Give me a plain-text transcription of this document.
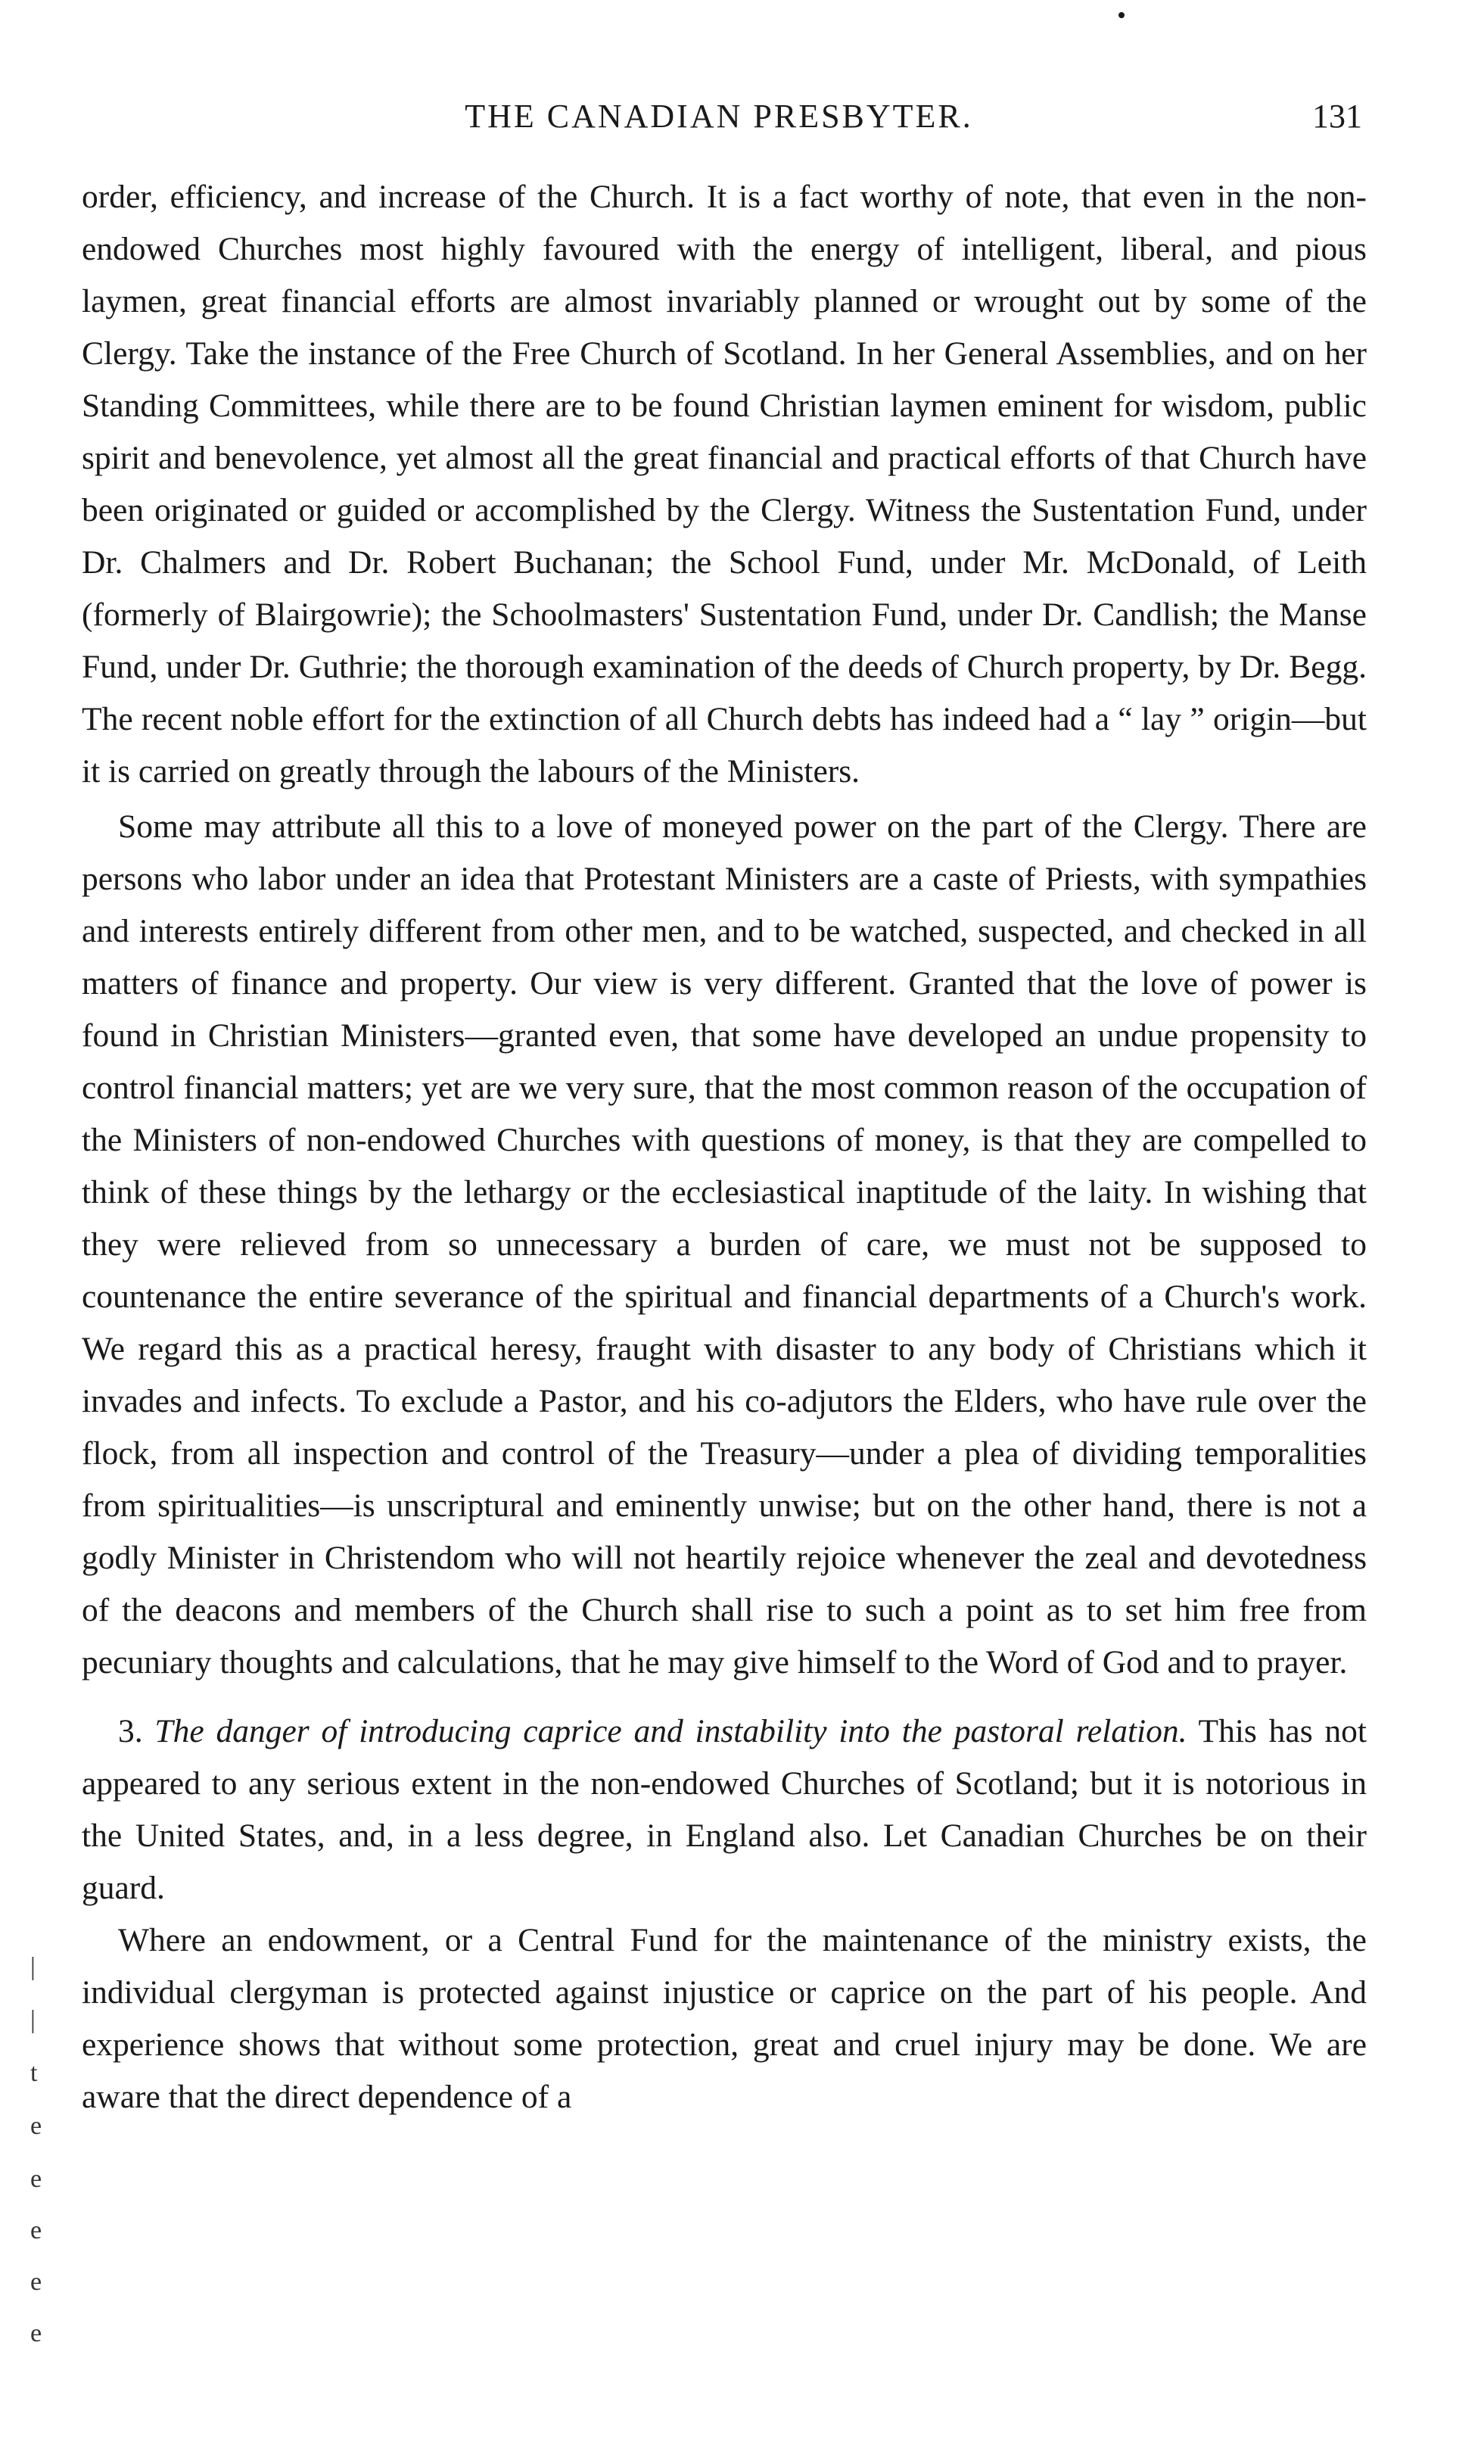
THE CANADIAN PRESBYTER.	131

order, efficiency, and increase of the Church. It is a fact worthy of note, that even in the non-endowed Churches most highly favoured with the energy of intelligent, liberal, and pious laymen, great financial efforts are almost invariably planned or wrought out by some of the Clergy. Take the instance of the Free Church of Scotland. In her General Assemblies, and on her Standing Committees, while there are to be found Christian laymen eminent for wisdom, public spirit and benevolence, yet almost all the great financial and practical efforts of that Church have been originated or guided or accomplished by the Clergy. Witness the Sustentation Fund, under Dr. Chalmers and Dr. Robert Buchanan; the School Fund, under Mr. McDonald, of Leith (formerly of Blairgowrie); the Schoolmasters' Sustentation Fund, under Dr. Candlish; the Manse Fund, under Dr. Guthrie; the thorough examination of the deeds of Church property, by Dr. Begg. The recent noble effort for the extinction of all Church debts has indeed had a “ lay ” origin—but it is carried on greatly through the labours of the Ministers.

Some may attribute all this to a love of moneyed power on the part of the Clergy. There are persons who labor under an idea that Protestant Ministers are a caste of Priests, with sympathies and interests entirely different from other men, and to be watched, suspected, and checked in all matters of finance and property. Our view is very different. Granted that the love of power is found in Christian Ministers—granted even, that some have developed an undue propensity to control financial matters; yet are we very sure, that the most common reason of the occupation of the Ministers of non-endowed Churches with questions of money, is that they are compelled to think of these things by the lethargy or the ecclesiastical inaptitude of the laity. In wishing that they were relieved from so unnecessary a burden of care, we must not be supposed to countenance the entire severance of the spiritual and financial departments of a Church's work. We regard this as a practical heresy, fraught with disaster to any body of Christians which it invades and infects. To exclude a Pastor, and his co-adjutors the Elders, who have rule over the flock, from all inspection and control of the Treasury—under a plea of dividing temporalities from spiritualities—is unscriptural and eminently unwise; but on the other hand, there is not a godly Minister in Christendom who will not heartily rejoice whenever the zeal and devotedness of the deacons and members of the Church shall rise to such a point as to set him free from pecuniary thoughts and calculations, that he may give himself to the Word of God and to prayer.

3. The danger of introducing caprice and instability into the pastoral relation. This has not appeared to any serious extent in the non-endowed Churches of Scotland; but it is notorious in the United States, and, in a less degree, in England also. Let Canadian Churches be on their guard.

Where an endowment, or a Central Fund for the maintenance of the ministry exists, the individual clergyman is protected against injustice or caprice on the part of his people. And experience shows that without some protection, great and cruel injury may be done. We are aware that the direct dependence of a

|
|
t
e
e
e
e
e
